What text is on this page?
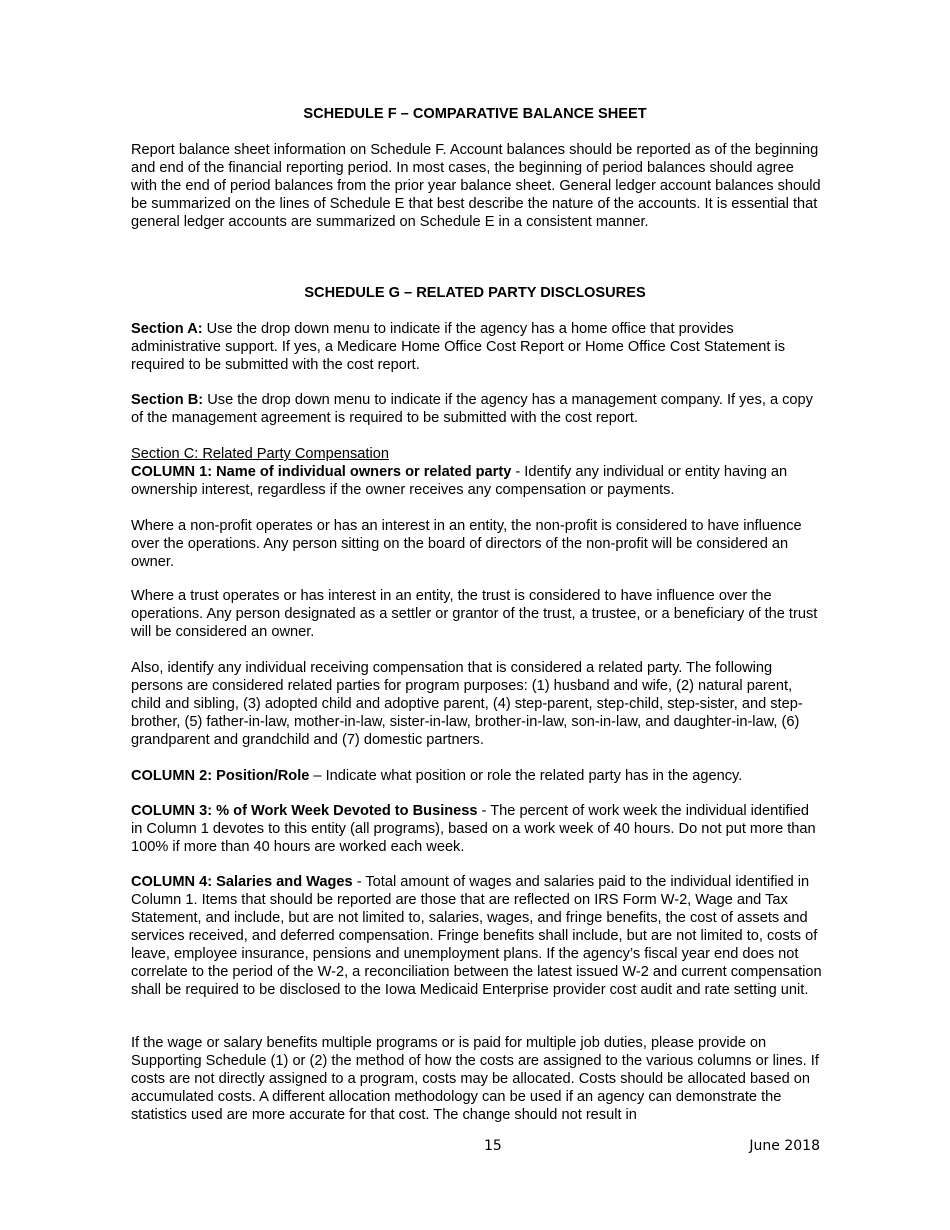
SCHEDULE F – COMPARATIVE BALANCE SHEET

Report balance sheet information on Schedule F. Account balances should be reported as of the beginning and end of the financial reporting period. In most cases, the beginning of period balances should agree with the end of period balances from the prior year balance sheet. General ledger account balances should be summarized on the lines of Schedule E that best describe the nature of the accounts. It is essential that general ledger accounts are summarized on Schedule E in a consistent manner.

SCHEDULE G – RELATED PARTY DISCLOSURES

Section A: Use the drop down menu to indicate if the agency has a home office that provides administrative support. If yes, a Medicare Home Office Cost Report or Home Office Cost Statement is required to be submitted with the cost report.

Section B: Use the drop down menu to indicate if the agency has a management company. If yes, a copy of the management agreement is required to be submitted with the cost report.

Section C: Related Party Compensation

COLUMN 1: Name of individual owners or related party - Identify any individual or entity having an ownership interest, regardless if the owner receives any compensation or payments.

Where a non-profit operates or has an interest in an entity, the non-profit is considered to have influence over the operations. Any person sitting on the board of directors of the non-profit will be considered an owner.

Where a trust operates or has interest in an entity, the trust is considered to have influence over the operations. Any person designated as a settler or grantor of the trust, a trustee, or a beneficiary of the trust will be considered an owner.

Also, identify any individual receiving compensation that is considered a related party. The following persons are considered related parties for program purposes: (1) husband and wife, (2) natural parent, child and sibling, (3) adopted child and adoptive parent, (4) step-parent, step-child, step-sister, and step-brother, (5) father-in-law, mother-in-law, sister-in-law, brother-in-law, son-in-law, and daughter-in-law, (6) grandparent and grandchild and (7) domestic partners.

COLUMN 2: Position/Role – Indicate what position or role the related party has in the agency.

COLUMN 3: % of Work Week Devoted to Business - The percent of work week the individual identified in Column 1 devotes to this entity (all programs), based on a work week of 40 hours. Do not put more than 100% if more than 40 hours are worked each week.

COLUMN 4: Salaries and Wages - Total amount of wages and salaries paid to the individual identified in Column 1. Items that should be reported are those that are reflected on IRS Form W-2, Wage and Tax Statement, and include, but are not limited to, salaries, wages, and fringe benefits, the cost of assets and services received, and deferred compensation. Fringe benefits shall include, but are not limited to, costs of leave, employee insurance, pensions and unemployment plans. If the agency’s fiscal year end does not correlate to the period of the W-2, a reconciliation between the latest issued W-2 and current compensation shall be required to be disclosed to the Iowa Medicaid Enterprise provider cost audit and rate setting unit.

If the wage or salary benefits multiple programs or is paid for multiple job duties, please provide on Supporting Schedule (1) or (2) the method of how the costs are assigned to the various columns or lines. If costs are not directly assigned to a program, costs may be allocated. Costs should be allocated based on accumulated costs. A different allocation methodology can be used if an agency can demonstrate the statistics used are more accurate for that cost. The change should not result in

15	June 2018
